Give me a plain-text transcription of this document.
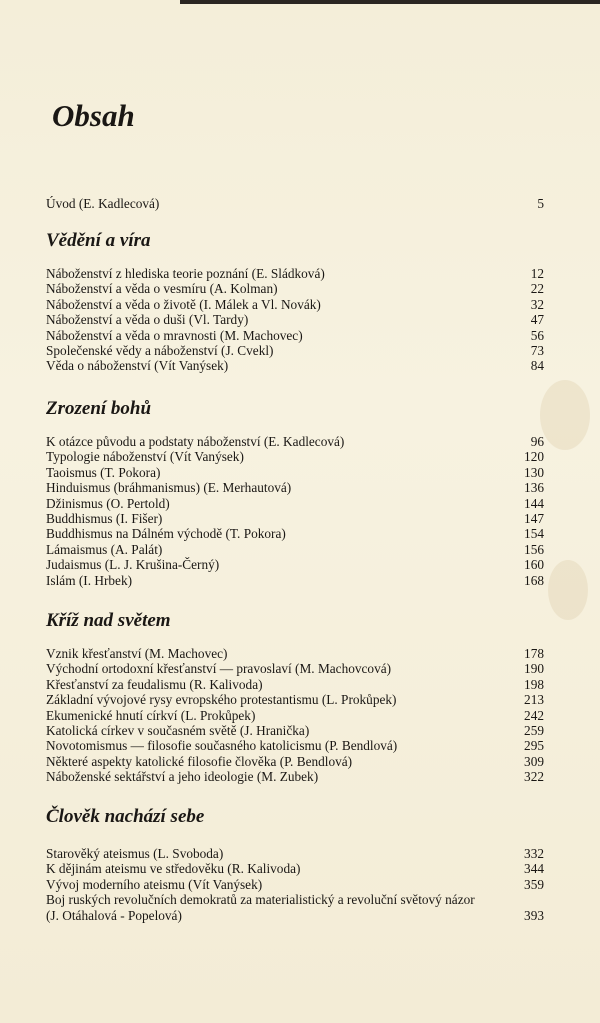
Obsah
Úvod (E. Kadlecová)	5
Vědění a víra
Náboženství z hlediska teorie poznání (E. Sládková)	12
Náboženství a věda o vesmíru (A. Kolman)	22
Náboženství a věda o životě (I. Málek a Vl. Novák)	32
Náboženství a věda o duši (Vl. Tardy)	47
Náboženství a věda o mravnosti (M. Machovec)	56
Společenské vědy a náboženství (J. Cvekl)	73
Věda o náboženství (Vít Vanýsek)	84
Zrození bohů
K otázce původu a podstaty náboženství (E. Kadlecová)	96
Typologie náboženství (Vít Vanýsek)	120
Taoismus (T. Pokora)	130
Hinduismus (bráhmanismus) (E. Merhautová)	136
Džinismus (O. Pertold)	144
Buddhismus (I. Fišer)	147
Buddhismus na Dálném východě (T. Pokora)	154
Lámaismus (A. Palát)	156
Judaismus (L. J. Krušina-Černý)	160
Islám (I. Hrbek)	168
Kříž nad světem
Vznik křesťanství (M. Machovec)	178
Východní ortodoxní křesťanství — pravoslaví (M. Machovcová)	190
Křesťanství za feudalismu (R. Kalivoda)	198
Základní vývojové rysy evropského protestantismu (L. Prokůpek)	213
Ekumenické hnutí církví (L. Prokůpek)	242
Katolická církev v současném světě (J. Hranička)	259
Novotomismus — filosofie současného katolicismu (P. Bendlová)	295
Některé aspekty katolické filosofie člověka (P. Bendlová)	309
Náboženské sektářství a jeho ideologie (M. Zubek)	322
Člověk nachází sebe
Starověký ateismus (L. Svoboda)	332
K dějinám ateismu ve středověku (R. Kalivoda)	344
Vývoj moderního ateismu (Vít Vanýsek)	359
Boj ruských revolučních demokratů za materialistický a revoluční světový názor (J. Otáhalová - Popelová)	393
